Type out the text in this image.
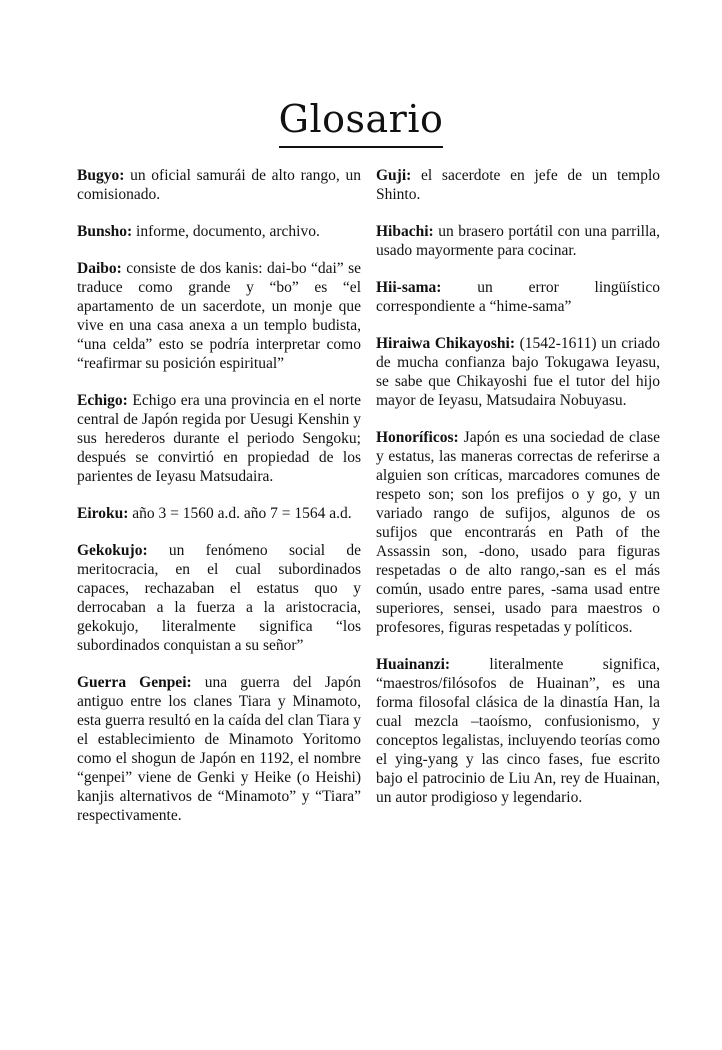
Glosario

Bugyo: un oficial samurái de alto rango, un comisionado.

Bunsho: informe, documento, archivo.

Daibo: consiste de dos kanis: dai-bo “dai” se traduce como grande y “bo” es “el apartamento de un sacerdote, un monje que vive en una casa anexa a un templo budista, “una celda” esto se podría interpretar como “reafirmar su posición espiritual”

Echigo: Echigo era una provincia en el norte central de Japón regida por Uesugi Kenshin y sus herederos durante el periodo Sengoku; después se convirtió en propiedad de los parientes de Ieyasu Matsudaira.

Eiroku: año 3 = 1560 a.d. año 7 = 1564 a.d.

Gekokujo: un fenómeno social de meritocracia, en el cual subordinados capaces, rechazaban el estatus quo y derrocaban a la fuerza a la aristocracia, gekokujo, literalmente significa “los subordinados conquistan a su señor”

Guerra Genpei: una guerra del Japón antiguo entre los clanes Tiara y Minamoto, esta guerra resultó en la caída del clan Tiara y el establecimiento de Minamoto Yoritomo como el shogun de Japón en 1192, el nombre “genpei” viene de Genki y Heike (o Heishi) kanjis alternativos de “Minamoto” y “Tiara” respectivamente.

Guji: el sacerdote en jefe de un templo Shinto.

Hibachi: un brasero portátil con una parrilla, usado mayormente para cocinar.

Hii-sama: un error lingüístico correspondiente a “hime-sama”

Hiraiwa Chikayoshi: (1542-1611) un criado de mucha confianza bajo Tokugawa Ieyasu, se sabe que Chikayoshi fue el tutor del hijo mayor de Ieyasu, Matsudaira Nobuyasu.

Honoríficos: Japón es una sociedad de clase y estatus, las maneras correctas de referirse a alguien son críticas, marcadores comunes de respeto son; son los prefijos o y go, y un variado rango de sufijos, algunos de os sufijos que encontrarás en Path of the Assassin son, -dono, usado para figuras respetadas o de alto rango,-san es el más común, usado entre pares, -sama usad entre superiores, sensei, usado para maestros o profesores, figuras respetadas y políticos.

Huainanzi:	literalmente significa, “maestros/filósofos de Huainan”, es una forma filosofal clásica de la dinastía Han, la cual mezcla –taoísmo, confusionismo, y conceptos legalistas, incluyendo teorías como el ying-yang y las cinco fases, fue escrito bajo el patrocinio de Liu An, rey de Huainan, un autor prodigioso y legendario.
